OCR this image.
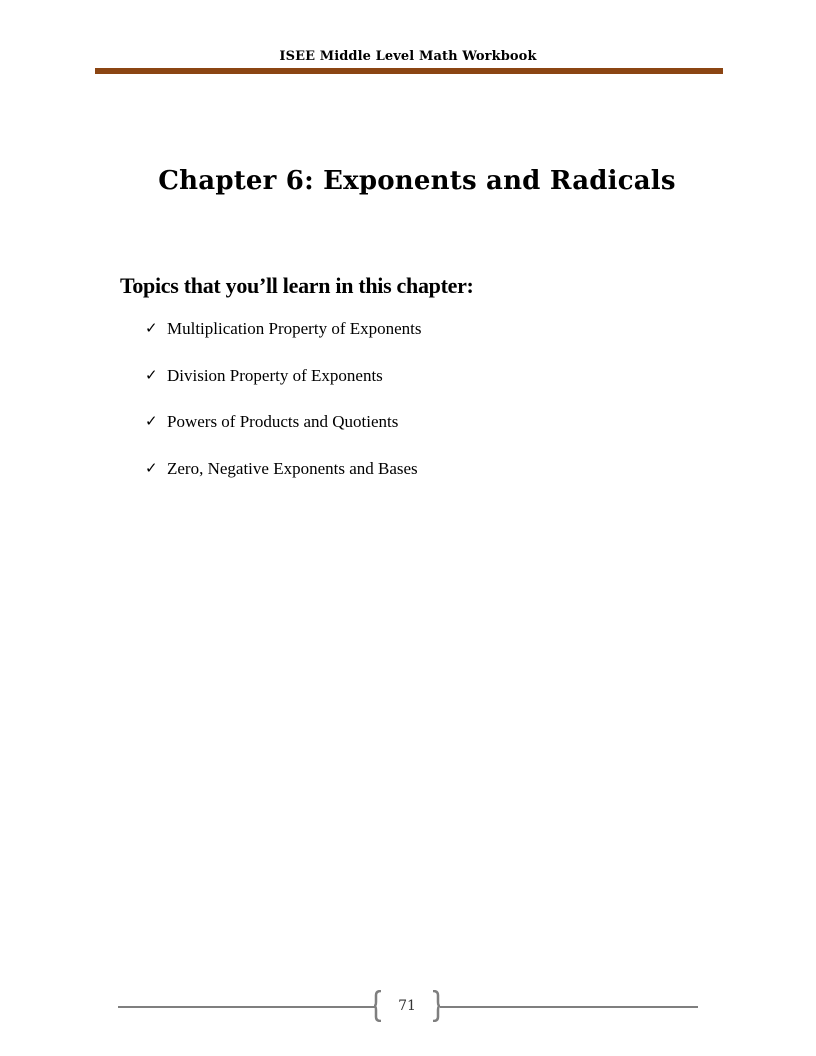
ISEE Middle Level Math Workbook
Chapter 6: Exponents and Radicals
Topics that you’ll learn in this chapter:
✓ Multiplication Property of Exponents
✓ Division Property of Exponents
✓ Powers of Products and Quotients
✓ Zero, Negative Exponents and Bases
71
